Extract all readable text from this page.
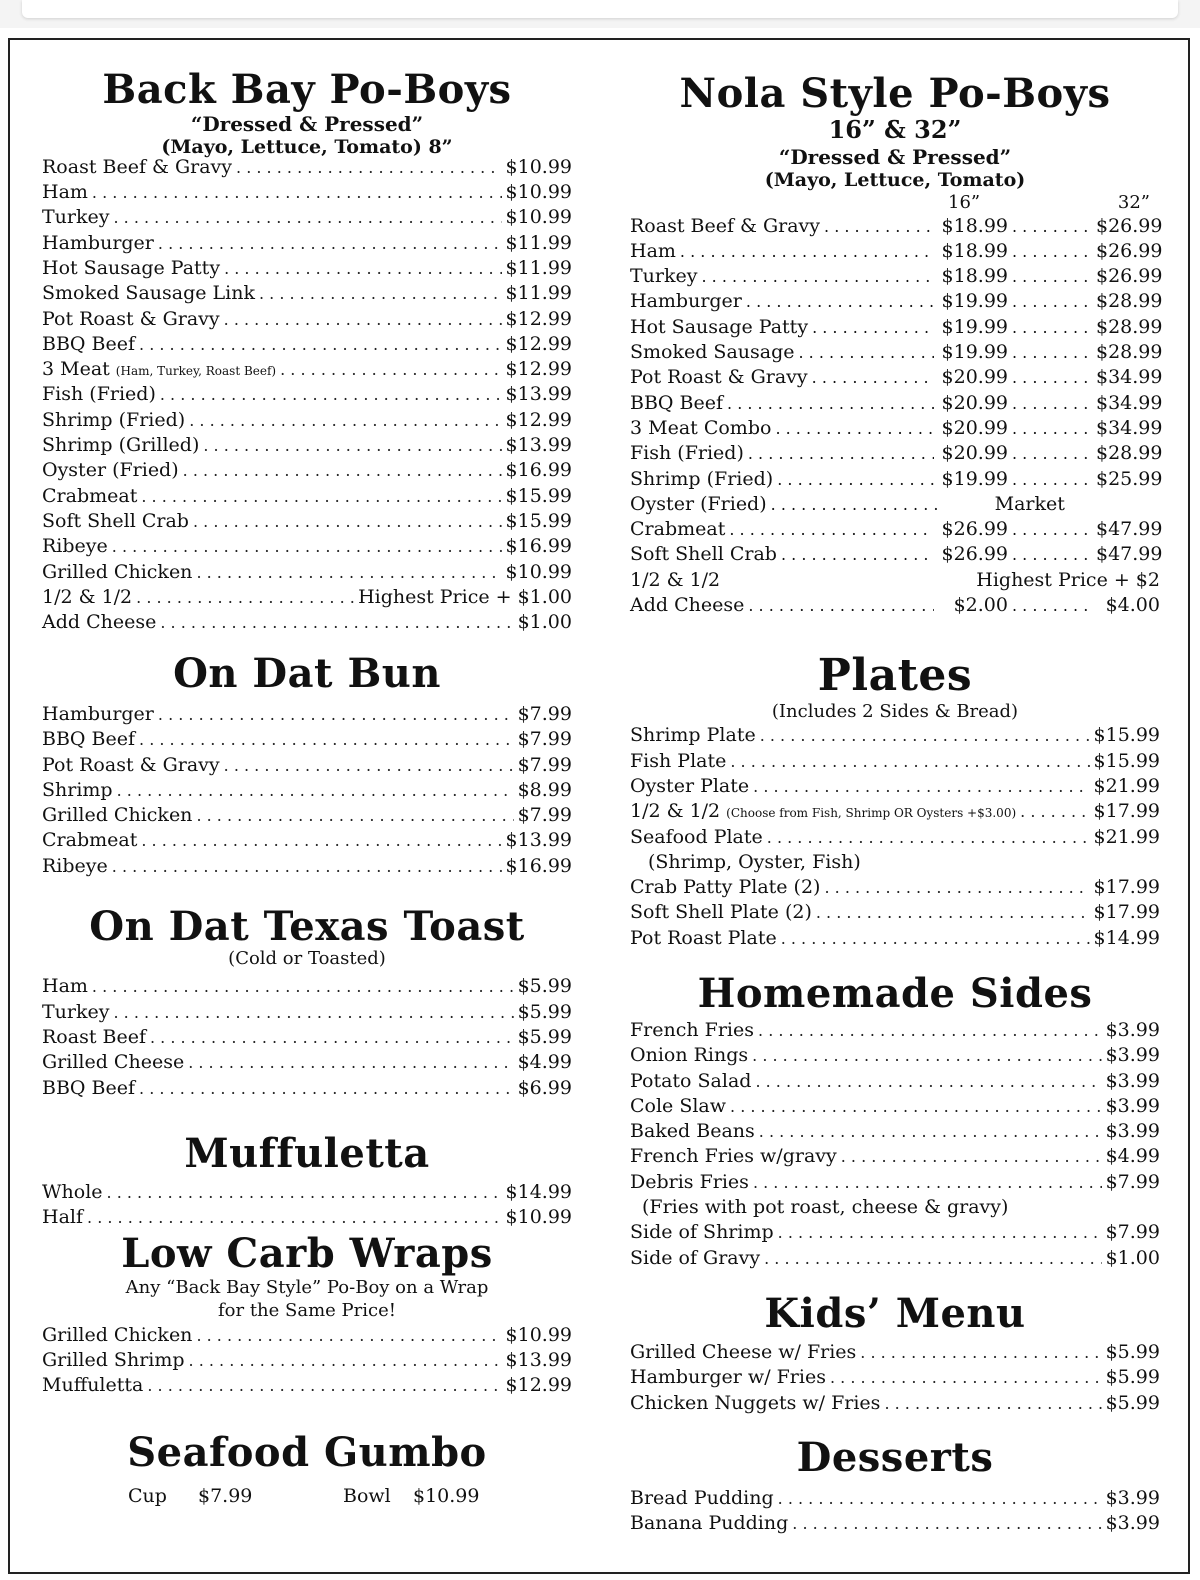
Back Bay Po-Boys

“Dressed & Pressed”

(Mayo, Lettuce, Tomato) 8”

Roast Beef & Gravy . . .	$10.99
Ham . . .	$10.99
Turkey . . .	$10.99
Hamburger . . .	$11.99
Hot Sausage Patty . . .	$11.99
Smoked Sausage Link . . .	$11.99
Pot Roast & Gravy . . .	$12.99
BBQ Beef . . .	$12.99
3 Meat (Ham, Turkey, Roast Beef) . . .	$12.99
Fish (Fried) . . .	$13.99
Shrimp (Fried) . . .	$12.99
Shrimp (Grilled) . . .	$13.99
Oyster (Fried) . . .	$16.99
Crabmeat . . .	$15.99
Soft Shell Crab . . .	$15.99
Ribeye . . .	$16.99
Grilled Chicken . . .	$10.99
1/2 & 1/2 . . .	Highest Price + $1.00
Add Cheese . . .	$1.00
On Dat Bun
Hamburger . . .	$7.99
BBQ Beef . . .	$7.99
Pot Roast & Gravy . . .	$7.99
Shrimp . . .	$8.99
Grilled Chicken . . .	$7.99
Crabmeat . . .	$13.99
Ribeye . . .	$16.99
On Dat Texas Toast

(Cold or Toasted)

Ham . . .	$5.99
Turkey . . .	$5.99
Roast Beef . . .	$5.99
Grilled Cheese . . .	$4.99
BBQ Beef . . .	$6.99
Muffuletta
Whole . . .	$14.99
Half . . .	$10.99
Low Carb Wraps

Any “Back Bay Style” Po-Boy on a Wrap

for the Same Price!

Grilled Chicken . . .	$10.99
Grilled Shrimp . . .	$13.99
Muffuletta . . .	$12.99
Seafood Gumbo
Cup	$7.99	Bowl	$10.99
Nola Style Po-Boys

16” & 32”

“Dressed & Pressed”

(Mayo, Lettuce, Tomato)

16”	32”
Roast Beef & Gravy . . .	$18.99 . . .	$26.99
Ham . . .	$18.99 . . .	$26.99
Turkey . . .	$18.99 . . .	$26.99
Hamburger . . .	$19.99 . . .	$28.99
Hot Sausage Patty . . .	$19.99 . . .	$28.99
Smoked Sausage . . .	$19.99 . . .	$28.99
Pot Roast & Gravy . . .	$20.99 . . .	$34.99
BBQ Beef . . .	$20.99 . . .	$34.99
3 Meat Combo . . .	$20.99 . . .	$34.99
Fish (Fried) . . .	$20.99 . . .	$28.99
Shrimp (Fried) . . .	$19.99 . . .	$25.99
Oyster (Fried) . . .	Market
Crabmeat . . .	$26.99 . . .	$47.99
Soft Shell Crab . . .	$26.99 . . .	$47.99
1/2 & 1/2	Highest Price + $2
Add Cheese . . .	$2.00 . . .	$4.00
Plates

(Includes 2 Sides & Bread)

Shrimp Plate . . .	$15.99
Fish Plate . . .	$15.99
Oyster Plate . . .	$21.99
1/2 & 1/2 (Choose from Fish, Shrimp OR Oysters +$3.00) . . .	$17.99
Seafood Plate . . .	$21.99
(Shrimp, Oyster, Fish)
Crab Patty Plate (2) . . .	$17.99
Soft Shell Plate (2) . . .	$17.99
Pot Roast Plate . . .	$14.99
Homemade Sides
French Fries . . .	$3.99
Onion Rings . . .	$3.99
Potato Salad . . .	$3.99
Cole Slaw . . .	$3.99
Baked Beans . . .	$3.99
French Fries w/gravy . . .	$4.99
Debris Fries . . .	$7.99
(Fries with pot roast, cheese & gravy)
Side of Shrimp . . .	$7.99
Side of Gravy . . .	$1.00
Kids’ Menu
Grilled Cheese w/ Fries . . .	$5.99
Hamburger w/ Fries . . .	$5.99
Chicken Nuggets w/ Fries . . .	$5.99
Desserts
Bread Pudding . . .	$3.99
Banana Pudding . . .	$3.99
